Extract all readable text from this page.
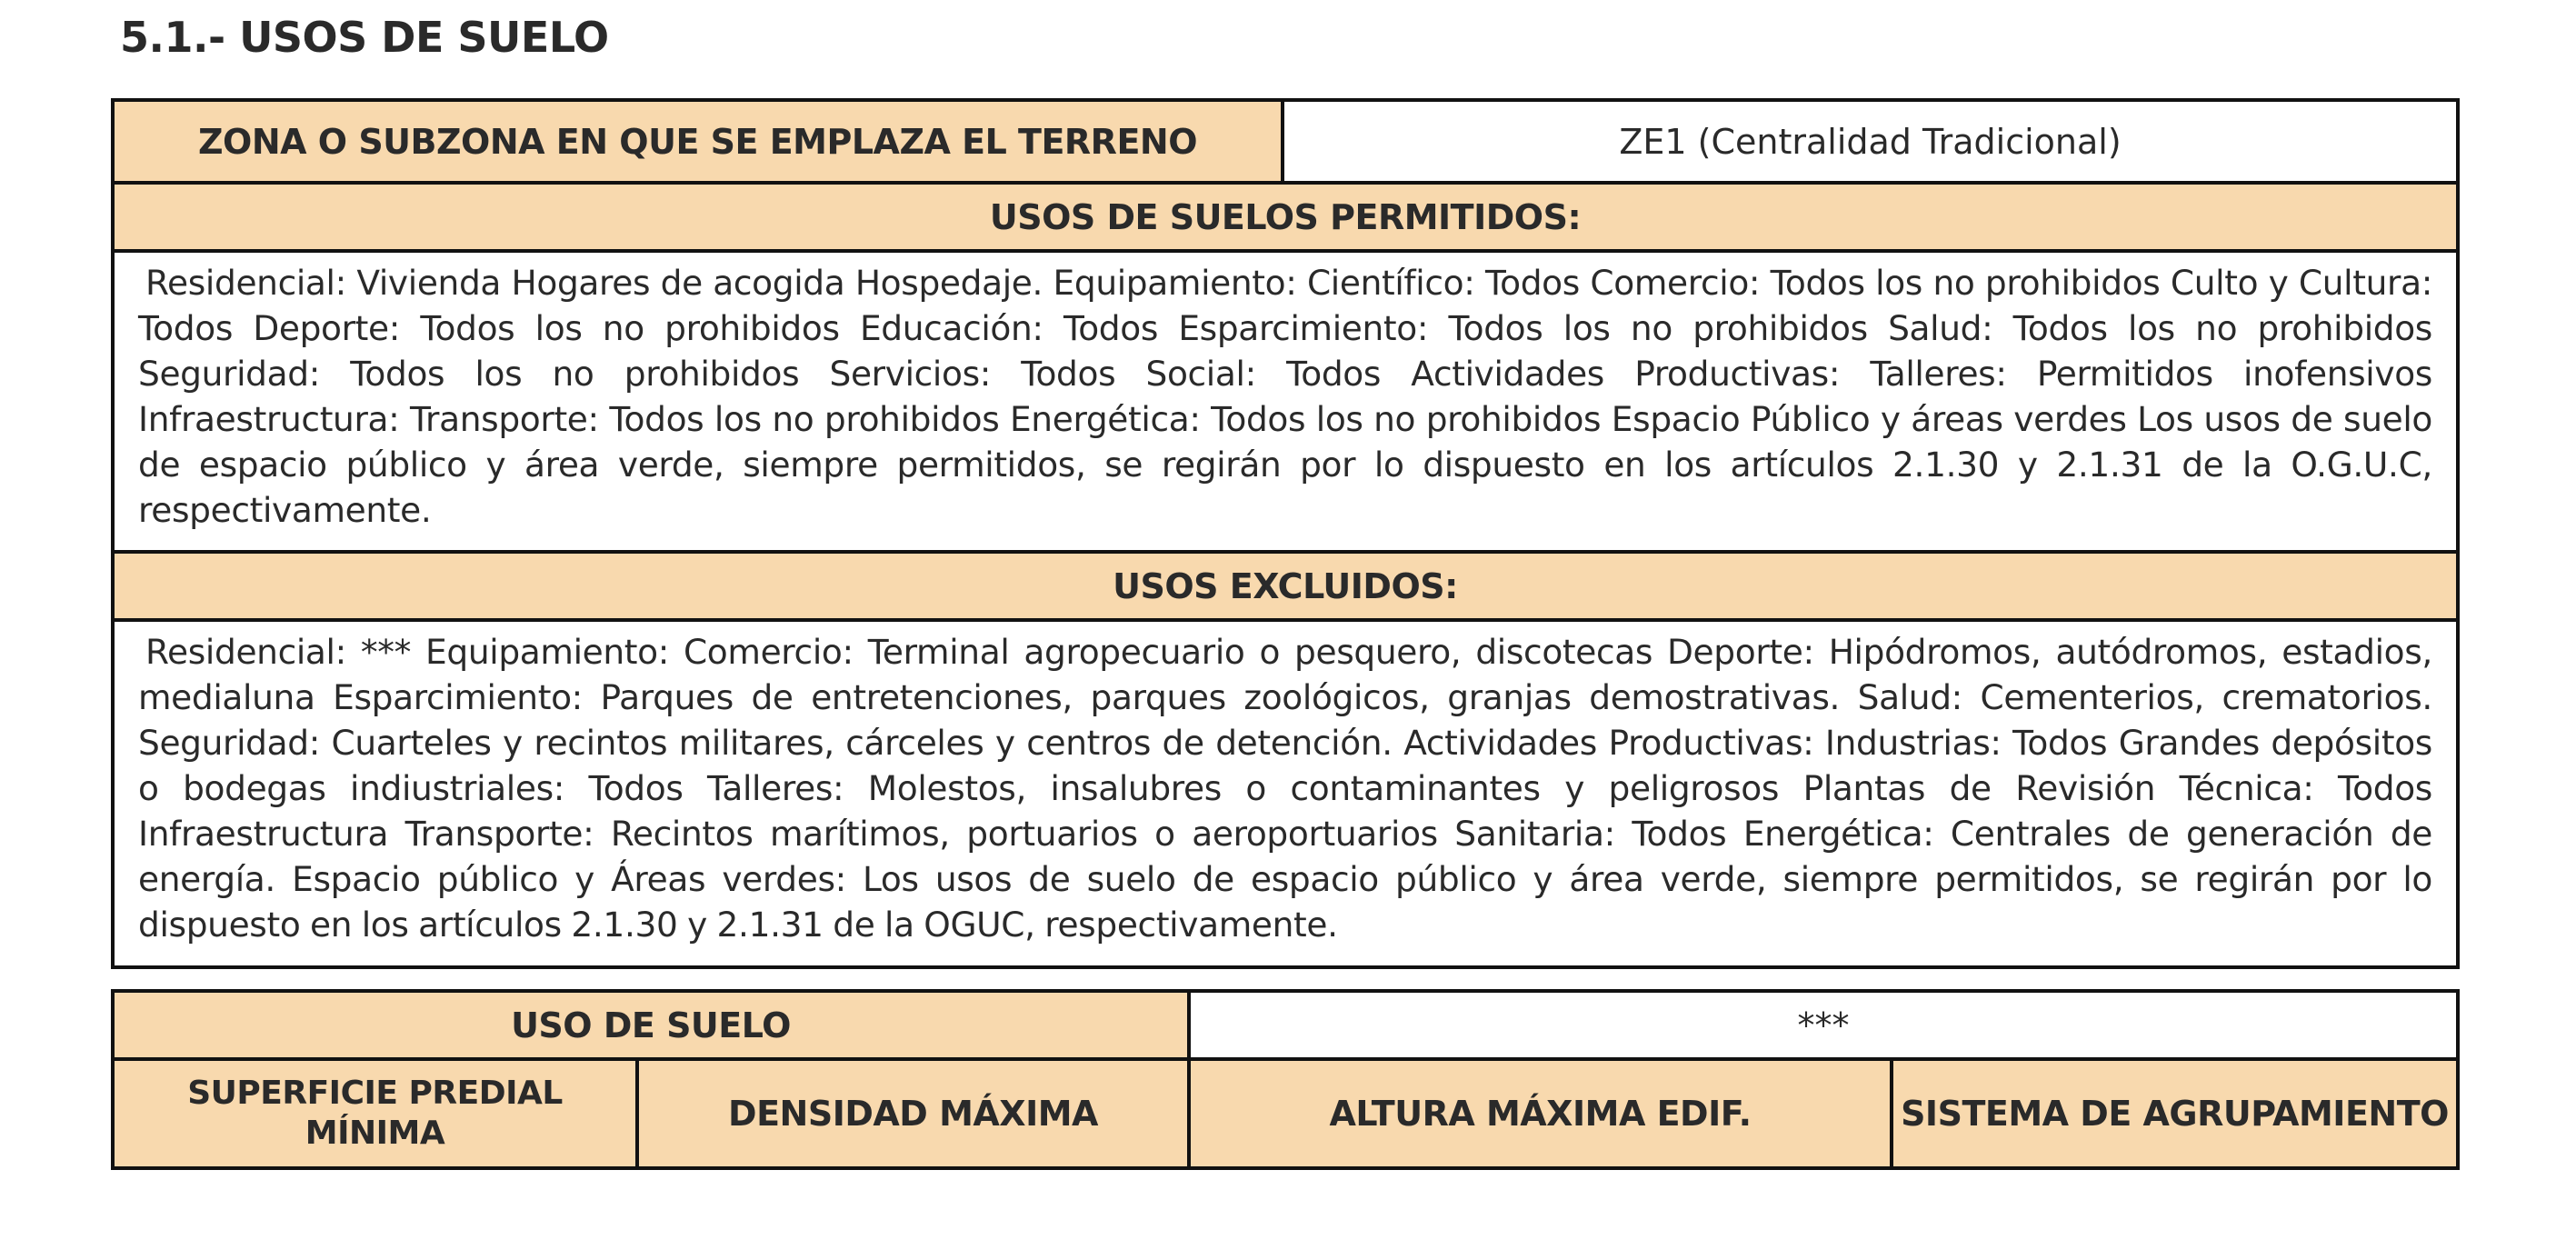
5.1.- USOS DE SUELO
ZONA O SUBZONA EN QUE SE EMPLAZA EL TERRENO	ZE1 (Centralidad Tradicional)
USOS DE SUELOS PERMITIDOS:

Residencial: Vivienda Hogares de acogida Hospedaje. Equipamiento: Científico: Todos Comercio: Todos los no prohibidos Culto y Cultura: Todos Deporte: Todos los no prohibidos Educación: Todos Esparcimiento: Todos los no prohibidos Salud: Todos los no prohibidos Seguridad: Todos los no prohibidos Servicios: Todos Social: Todos Actividades Productivas: Talleres: Permitidos inofensivos Infraestructura: Transporte: Todos los no prohibidos Energética: Todos los no prohibidos Espacio Público y áreas verdes Los usos de suelo de espacio público y área verde, siempre permitidos, se regirán por lo dispuesto en los artículos 2.1.30 y 2.1.31 de la O.G.U.C, respectivamente.

USOS EXCLUIDOS:

Residencial: *** Equipamiento: Comercio: Terminal agropecuario o pesquero, discotecas Deporte: Hipódromos, autódromos, estadios, medialuna Esparcimiento: Parques de entretenciones, parques zoológicos, granjas demostrativas. Salud: Cementerios, crematorios. Seguridad: Cuarteles y recintos militares, cárceles y centros de detención. Actividades Productivas: Industrias: Todos Grandes depósitos o bodegas indiustriales: Todos Talleres: Molestos, insalubres o contaminantes y peligrosos Plantas de Revisión Técnica: Todos Infraestructura Transporte: Recintos marítimos, portuarios o aeroportuarios Sanitaria: Todos Energética: Centrales de generación de energía. Espacio público y Áreas verdes: Los usos de suelo de espacio público y área verde, siempre permitidos, se regirán por lo dispuesto en los artículos 2.1.30 y 2.1.31 de la OGUC, respectivamente.

USO DE SUELO		***	
SUPERFICIE PREDIAL MÍNIMA	DENSIDAD MÁXIMA	ALTURA MÁXIMA EDIF.	SISTEMA DE AGRUPAMIENTO
